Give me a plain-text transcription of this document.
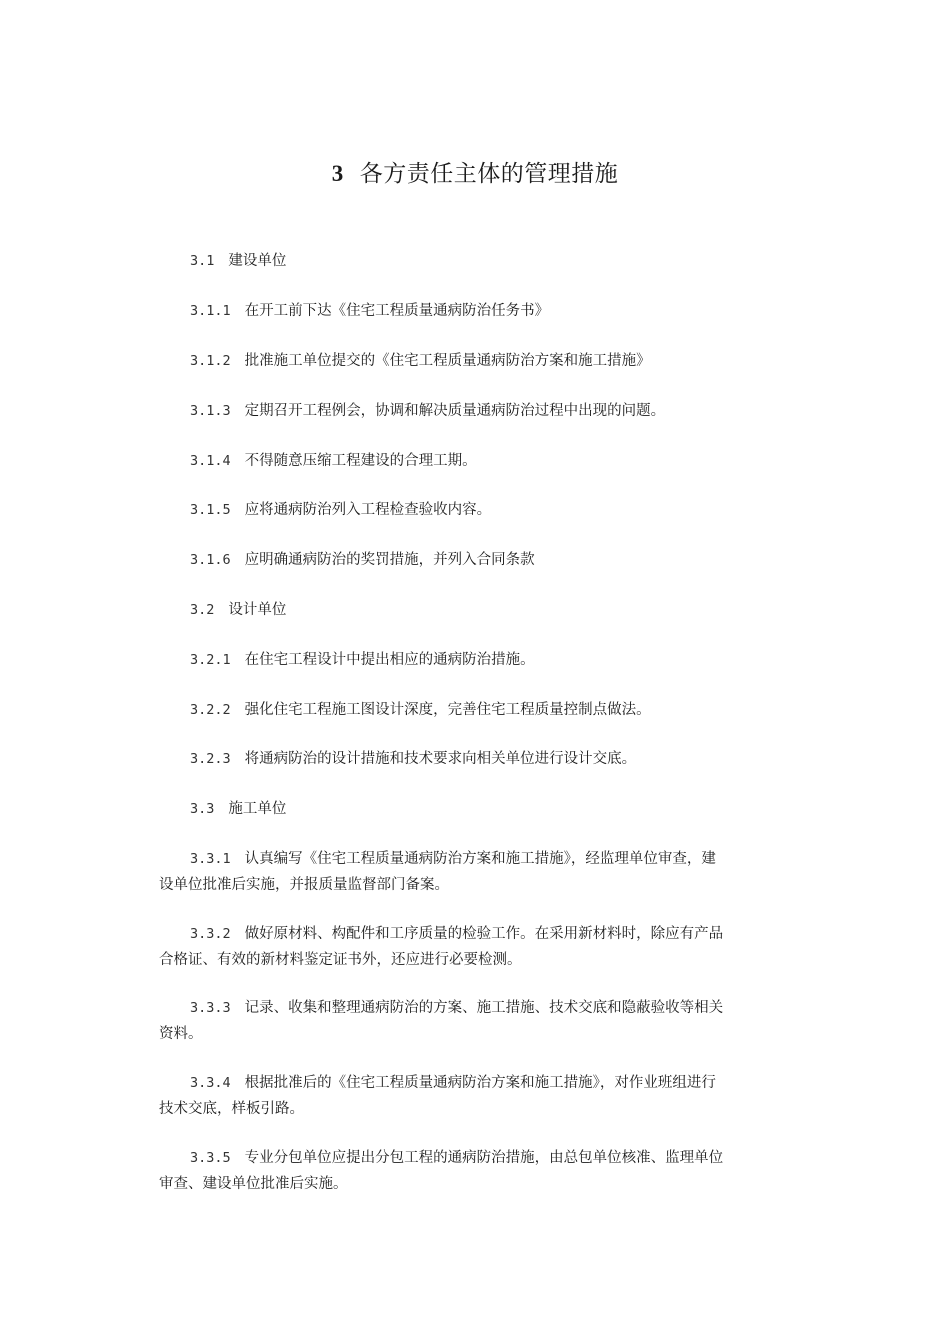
3 各方责任主体的管理措施
3.1 建设单位
3.1.1 在开工前下达《住宅工程质量通病防治任务书》
3.1.2 批准施工单位提交的《住宅工程质量通病防治方案和施工措施》
3.1.3 定期召开工程例会，协调和解决质量通病防治过程中出现的问题。
3.1.4 不得随意压缩工程建设的合理工期。
3.1.5 应将通病防治列入工程检查验收内容。
3.1.6 应明确通病防治的奖罚措施，并列入合同条款
3.2 设计单位
3.2.1 在住宅工程设计中提出相应的通病防治措施。
3.2.2 强化住宅工程施工图设计深度，完善住宅工程质量控制点做法。
3.2.3 将通病防治的设计措施和技术要求向相关单位进行设计交底。
3.3 施工单位
3.3.1 认真编写《住宅工程质量通病防治方案和施工措施》，经监理单位审查，建
设单位批准后实施，并报质量监督部门备案。
3.3.2 做好原材料、构配件和工序质量的检验工作。在采用新材料时，除应有产品
合格证、有效的新材料鉴定证书外，还应进行必要检测。
3.3.3 记录、收集和整理通病防治的方案、施工措施、技术交底和隐蔽验收等相关
资料。
3.3.4 根据批准后的《住宅工程质量通病防治方案和施工措施》，对作业班组进行
技术交底，样板引路。
3.3.5 专业分包单位应提出分包工程的通病防治措施，由总包单位核准、监理单位
审查、建设单位批准后实施。
